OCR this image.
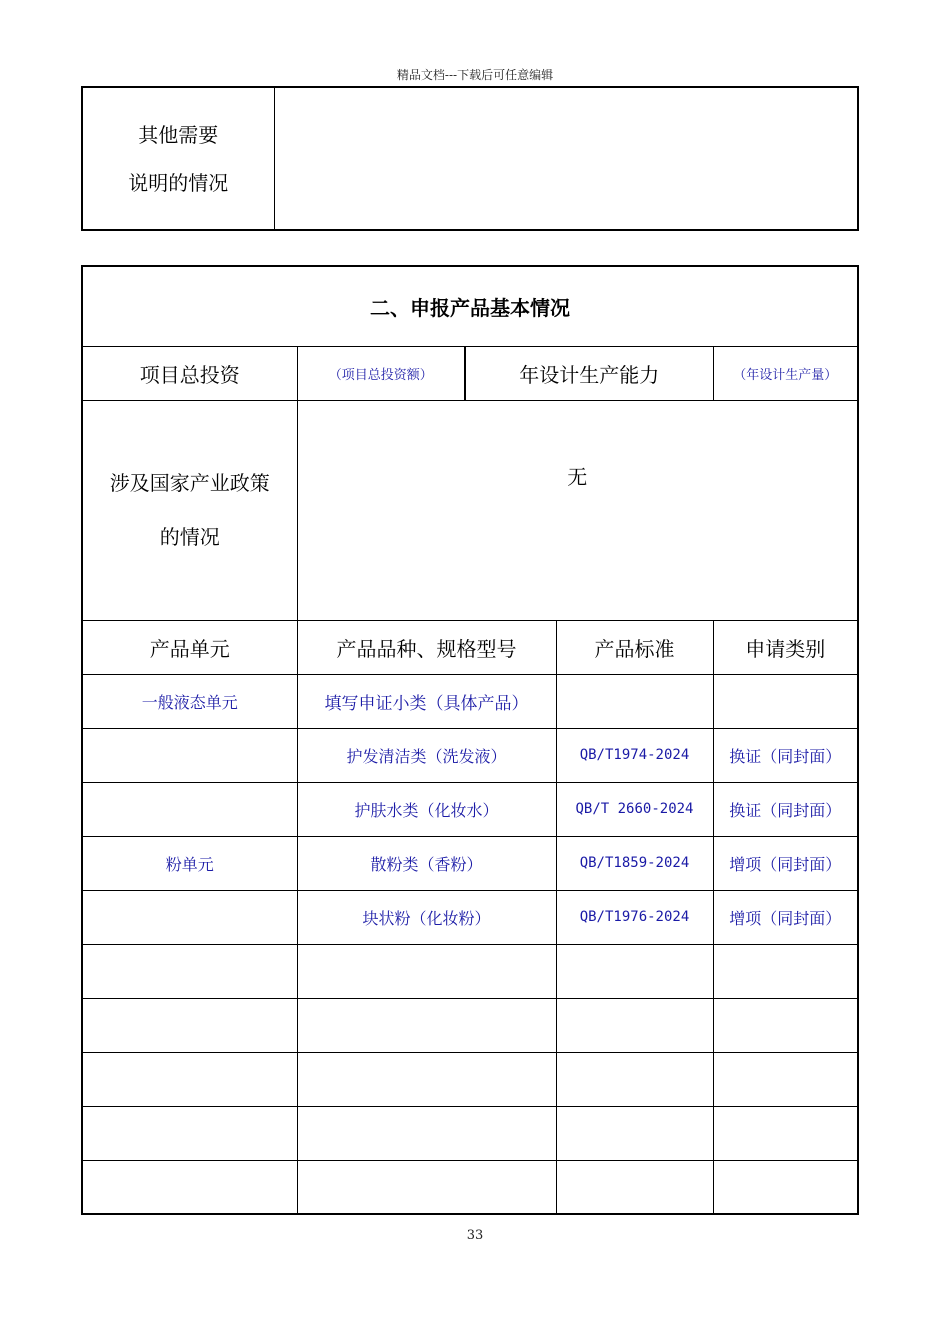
精品文档---下载后可任意编辑
其他需要
说明的情况

二、申报产品基本情况				
项目总投资	（项目总投资额）	年设计生产能力		（年设计生产量）

涉及国家产业政策
的情况	无			
产品单元	产品品种、规格型号		产品标准	申请类别
一般液态单元	填写申证小类（具体产品）			
	护发清洁类（洗发液）		QB/T1974-2024	换证（同封面）
	护肤水类（化妆水）		QB/T 2660-2024	换证（同封面）
粉单元	散粉类（香粉）		QB/T1859-2024	增项（同封面）
	块状粉（化妆粉）		QB/T1976-2024	增项（同封面）

33
